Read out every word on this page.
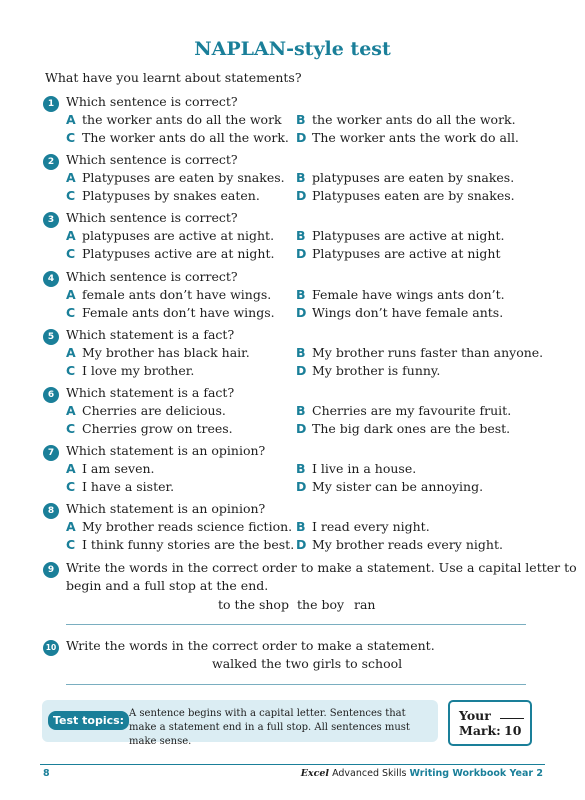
NAPLAN-style test
What have you learnt about statements?
1 Which sentence is correct?
A the worker ants do all the work B the worker ants do all the work.
C The worker ants do all the work. D The worker ants the work do all.
2 Which sentence is correct?
A Platypuses are eaten by snakes. B platypuses are eaten by snakes.
C Platypuses by snakes eaten.	D Platypuses eaten are by snakes.
3 Which sentence is correct?
A platypuses are active at night. B Platypuses are active at night.
C Platypuses active are at night. D Platypuses are active at night
4 Which sentence is correct?
A female ants don’t have wings. B Female have wings ants don’t.
C Female ants don’t have wings. D Wings don’t have female ants.
5 Which statement is a fact?
A My brother has black hair.	B My brother runs faster than anyone.
C I love my brother.	D My brother is funny.
6 Which statement is a fact?
A Cherries are delicious.	B Cherries are my favourite fruit.
C Cherries grow on trees.	D The big dark ones are the best.
7 Which statement is an opinion?
A I am seven.	B I live in a house.
C I have a sister.	D My sister can be annoying.
8 Which statement is an opinion?
A My brother reads science fiction. B I read every night.
C I think funny stories are the best. D My brother reads every night.
9 Write the words in the correct order to make a statement. Use a capital letter to
begin and a full stop at the end.
to the shop the boy ran
10 Write the words in the correct order to make a statement.
walked the two girls to school
Test topics:
A sentence begins with a capital letter. Sentences that make a statement end in a full stop. All sentences must make sense.
Your
Mark: 10
8	Excel Advanced Skills Writing Workbook Year 2
